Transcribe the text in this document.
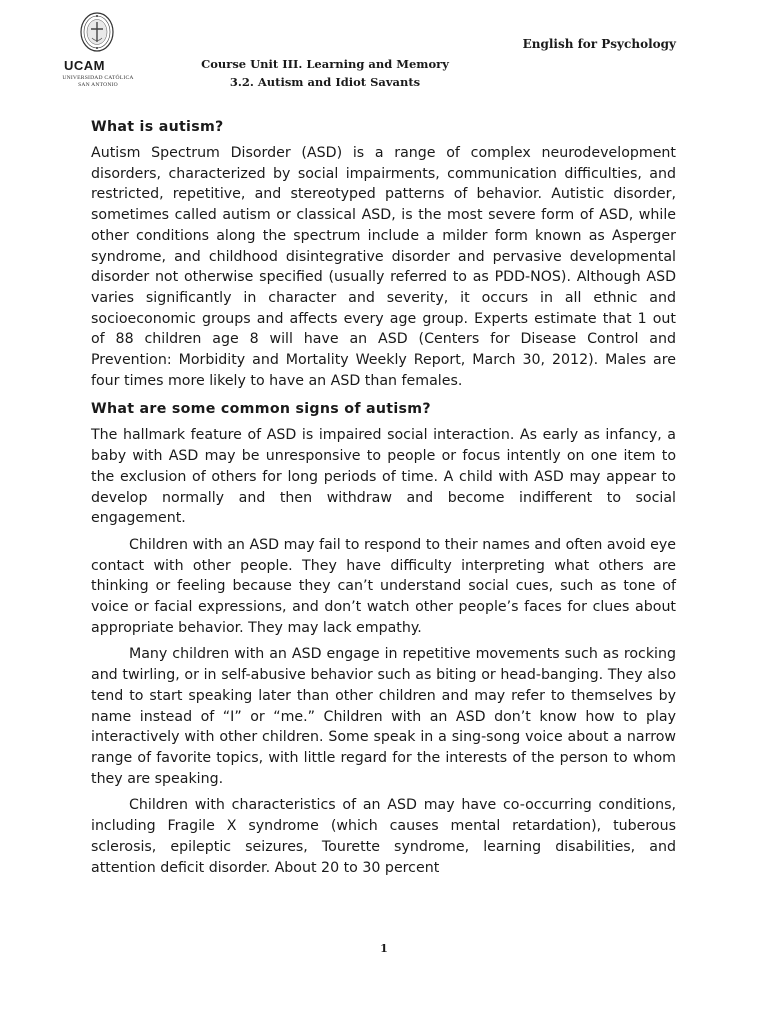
UCAM
UNIVERSIDAD CATÓLICA
SAN ANTONIO
English for Psychology
Course Unit III. Learning and Memory
3.2. Autism and Idiot Savants
What is autism?

Autism Spectrum Disorder (ASD) is a range of complex neurodevelopment disorders, characterized by social impairments, communication difficulties, and restricted, repetitive, and stereotyped patterns of behavior. Autistic disorder, sometimes called autism or classical ASD, is the most severe form of ASD, while other conditions along the spectrum include a milder form known as Asperger syndrome, and childhood disintegrative disorder and pervasive developmental disorder not otherwise specified (usually referred to as PDD-NOS). Although ASD varies significantly in character and severity, it occurs in all ethnic and socioeconomic groups and affects every age group. Experts estimate that 1 out of 88 children age 8 will have an ASD (Centers for Disease Control and Prevention: Morbidity and Mortality Weekly Report, March 30, 2012). Males are four times more likely to have an ASD than females.

What are some common signs of autism?

The hallmark feature of ASD is impaired social interaction. As early as infancy, a baby with ASD may be unresponsive to people or focus intently on one item to the exclusion of others for long periods of time. A child with ASD may appear to develop normally and then withdraw and become indifferent to social engagement.

Children with an ASD may fail to respond to their names and often avoid eye contact with other people. They have difficulty interpreting what others are thinking or feeling because they can’t understand social cues, such as tone of voice or facial expressions, and don’t watch other people’s faces for clues about appropriate behavior. They may lack empathy.

Many children with an ASD engage in repetitive movements such as rocking and twirling, or in self-abusive behavior such as biting or head-banging. They also tend to start speaking later than other children and may refer to themselves by name instead of “I” or “me.” Children with an ASD don’t know how to play interactively with other children. Some speak in a sing-song voice about a narrow range of favorite topics, with little regard for the interests of the person to whom they are speaking.

Children with characteristics of an ASD may have co-occurring conditions, including Fragile X syndrome (which causes mental retardation), tuberous sclerosis, epileptic seizures, Tourette syndrome, learning disabilities, and attention deficit disorder. About 20 to 30 percent

1
